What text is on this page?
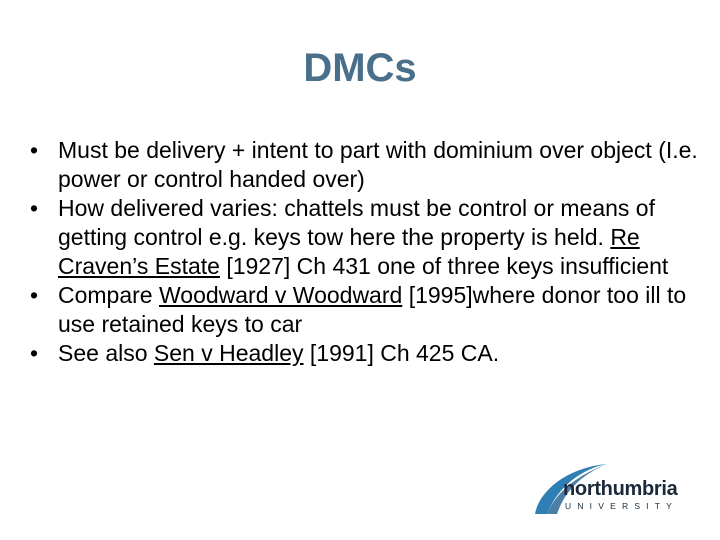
DMCs
• Must be delivery + intent to part with dominium over object (I.e. power or control handed over)
• How delivered varies: chattels must be control or means of getting control e.g. keys tow here the property is held. Re Craven’s Estate [1927] Ch 431 one of three keys insufficient
• Compare Woodward v Woodward [1995]where donor too ill to use retained keys to car
• See also Sen v Headley [1991] Ch 425 CA.
northumbria
UNIVERSITY
